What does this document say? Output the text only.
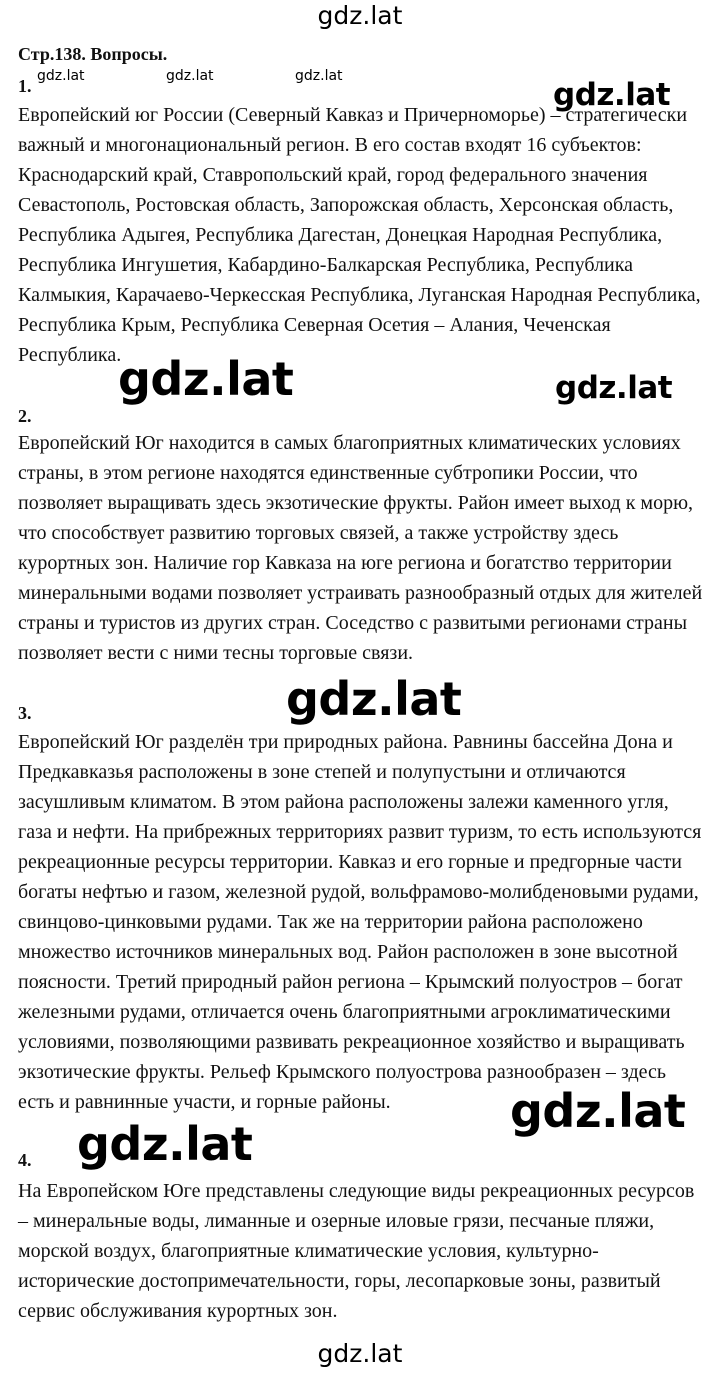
gdz.lat
gdz.lat	gdz.lat	gdz.lat
Стр.138. Вопросы.
1.
Европейский юг России (Северный Кавказ и Причерноморье) – стратегически
важный и многонациональный регион. В его состав входят 16 субъектов:
Краснодарский край, Ставропольский край, город федерального значения
Севастополь, Ростовская область, Запорожская область, Херсонская область,
Республика Адыгея, Республика Дагестан, Донецкая Народная Республика,
Республика Ингушетия, Кабардино-Балкарская Республика, Республика
Калмыкия, Карачаево-Черкесская Республика, Луганская Народная Республика,
Республика Крым, Республика Северная Осетия – Алания, Чеченская
Республика.
2.
Европейский Юг находится в самых благоприятных климатических условиях
страны, в этом регионе находятся единственные субтропики России, что
позволяет выращивать здесь экзотические фрукты. Район имеет выход к морю,
что способствует развитию торговых связей, а также устройству здесь
курортных зон. Наличие гор Кавказа на юге региона и богатство территории
минеральными водами позволяет устраивать разнообразный отдых для жителей
страны и туристов из других стран. Соседство с развитыми регионами страны
позволяет вести с ними тесны торговые связи.
3.
Европейский Юг разделён три природных района. Равнины бассейна Дона и
Предкавказья расположены в зоне степей и полупустыни и отличаются
засушливым климатом. В этом района расположены залежи каменного угля,
газа и нефти. На прибрежных территориях развит туризм, то есть используются
рекреационные ресурсы территории. Кавказ и его горные и предгорные части
богаты нефтью и газом, железной рудой, вольфрамово-молибденовыми рудами,
свинцово-цинковыми рудами. Так же на территории района расположено
множество источников минеральных вод. Район расположен в зоне высотной
поясности. Третий природный район региона – Крымский полуостров – богат
железными рудами, отличается очень благоприятными агроклиматическими
условиями, позволяющими развивать рекреационное хозяйство и выращивать
экзотические фрукты. Рельеф Крымского полуострова разнообразен – здесь
есть и равнинные участи, и горные районы.
4.
На Европейском Юге представлены следующие виды рекреационных ресурсов
– минеральные воды, лиманные и озерные иловые грязи, песчаные пляжи,
морской воздух, благоприятные климатические условия, культурно-
исторические достопримечательности, горы, лесопарковые зоны, развитый
сервис обслуживания курортных зон.
gdz.lat
gdz.lat	gdz.lat
gdz.lat
gdz.lat
gdz.lat
gdz.lat
